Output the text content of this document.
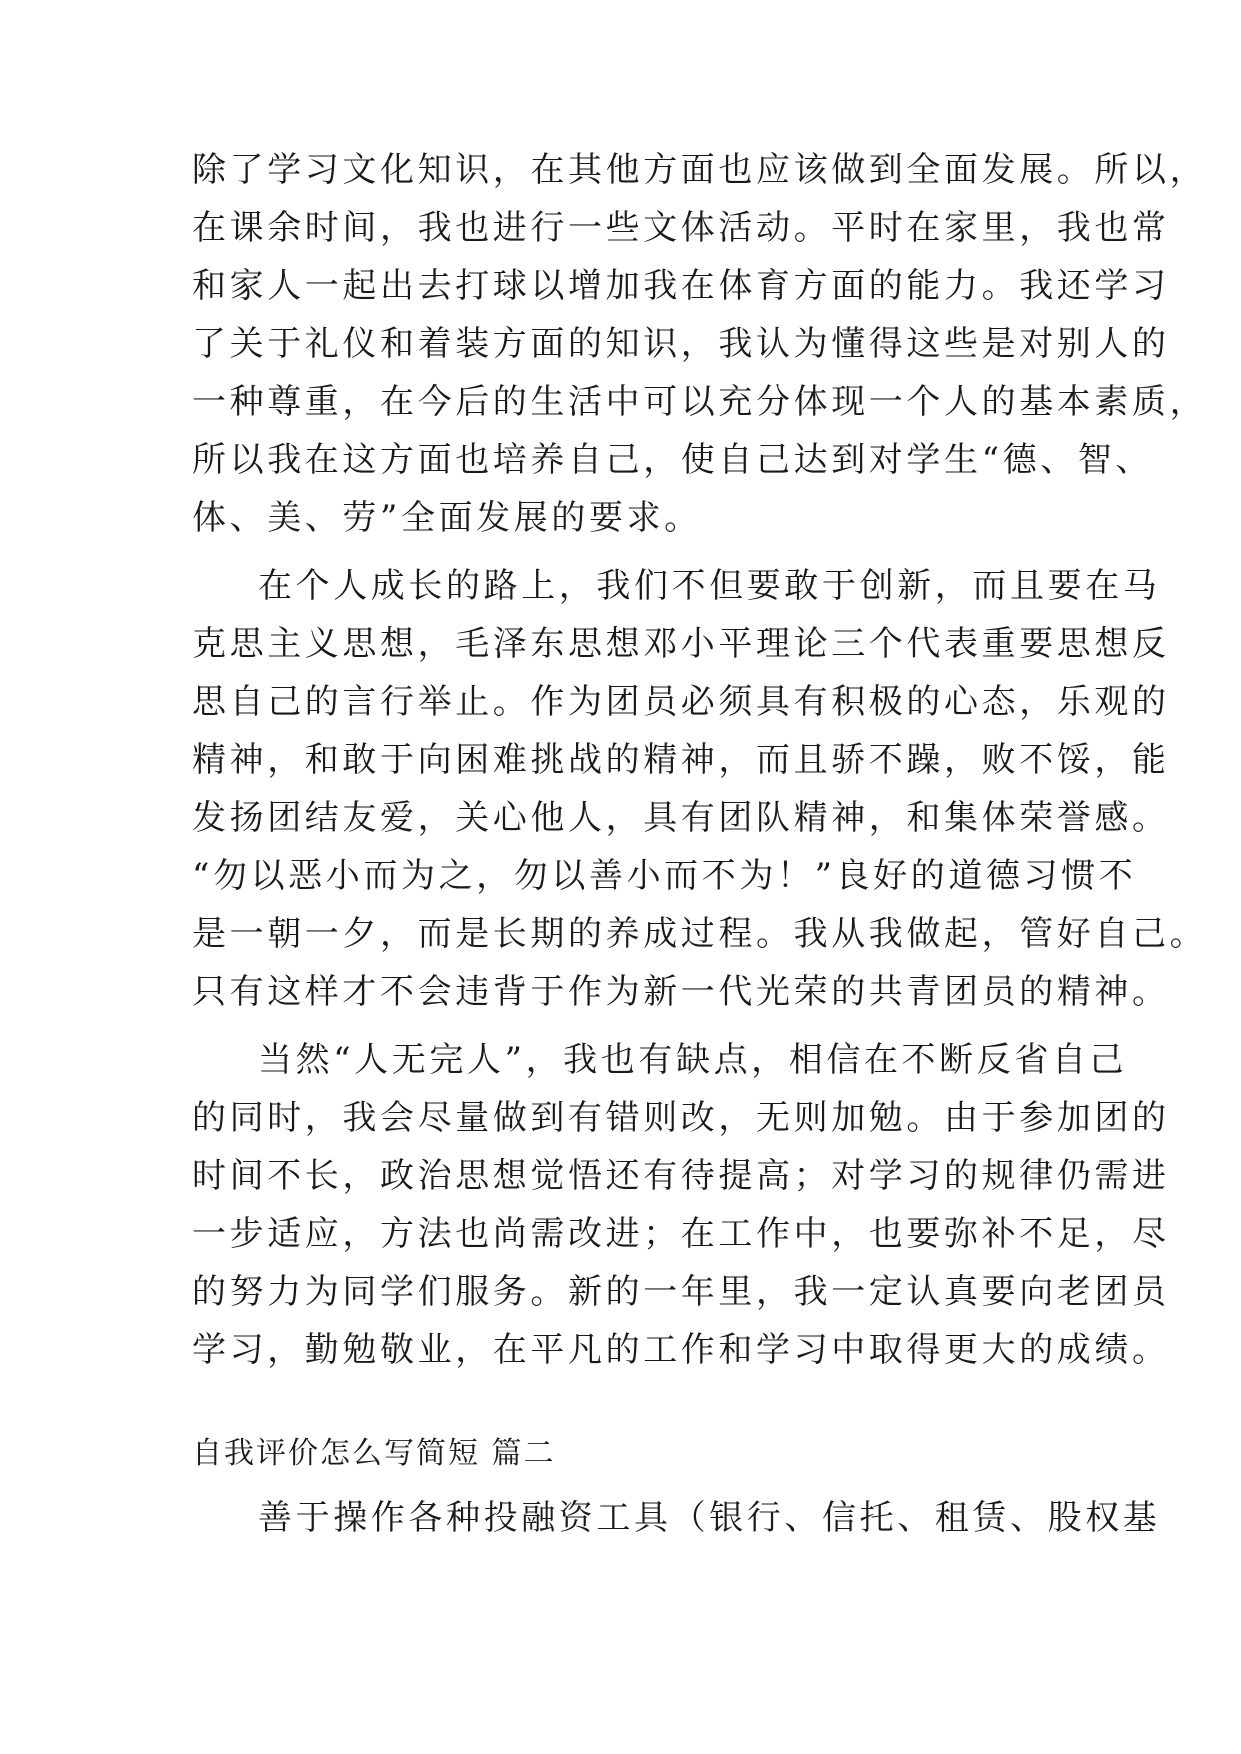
除了学习文化知识，在其他方面也应该做到全面发展。所以，
在课余时间，我也进行一些文体活动。平时在家里，我也常
和家人一起出去打球以增加我在体育方面的能力。我还学习
了关于礼仪和着装方面的知识，我认为懂得这些是对别人的
一种尊重，在今后的生活中可以充分体现一个人的基本素质，
所以我在这方面也培养自己，使自己达到对学生“德、智、
体、美、劳”全面发展的要求。
在个人成长的路上，我们不但要敢于创新，而且要在马
克思主义思想，毛泽东思想邓小平理论三个代表重要思想反
思自己的言行举止。作为团员必须具有积极的心态，乐观的
精神，和敢于向困难挑战的精神，而且骄不躁，败不馁，能
发扬团结友爱，关心他人，具有团队精神，和集体荣誉感。
“勿以恶小而为之，勿以善小而不为！”良好的道德习惯不
是一朝一夕，而是长期的养成过程。我从我做起，管好自己。
只有这样才不会违背于作为新一代光荣的共青团员的精神。
当然“人无完人”，我也有缺点，相信在不断反省自己
的同时，我会尽量做到有错则改，无则加勉。由于参加团的
时间不长，政治思想觉悟还有待提高；对学习的规律仍需进
一步适应，方法也尚需改进；在工作中，也要弥补不足，尽
的努力为同学们服务。新的一年里，我一定认真要向老团员
学习，勤勉敬业，在平凡的工作和学习中取得更大的成绩。
自我评价怎么写简短 篇二
善于操作各种投融资工具（银行、信托、租赁、股权基
